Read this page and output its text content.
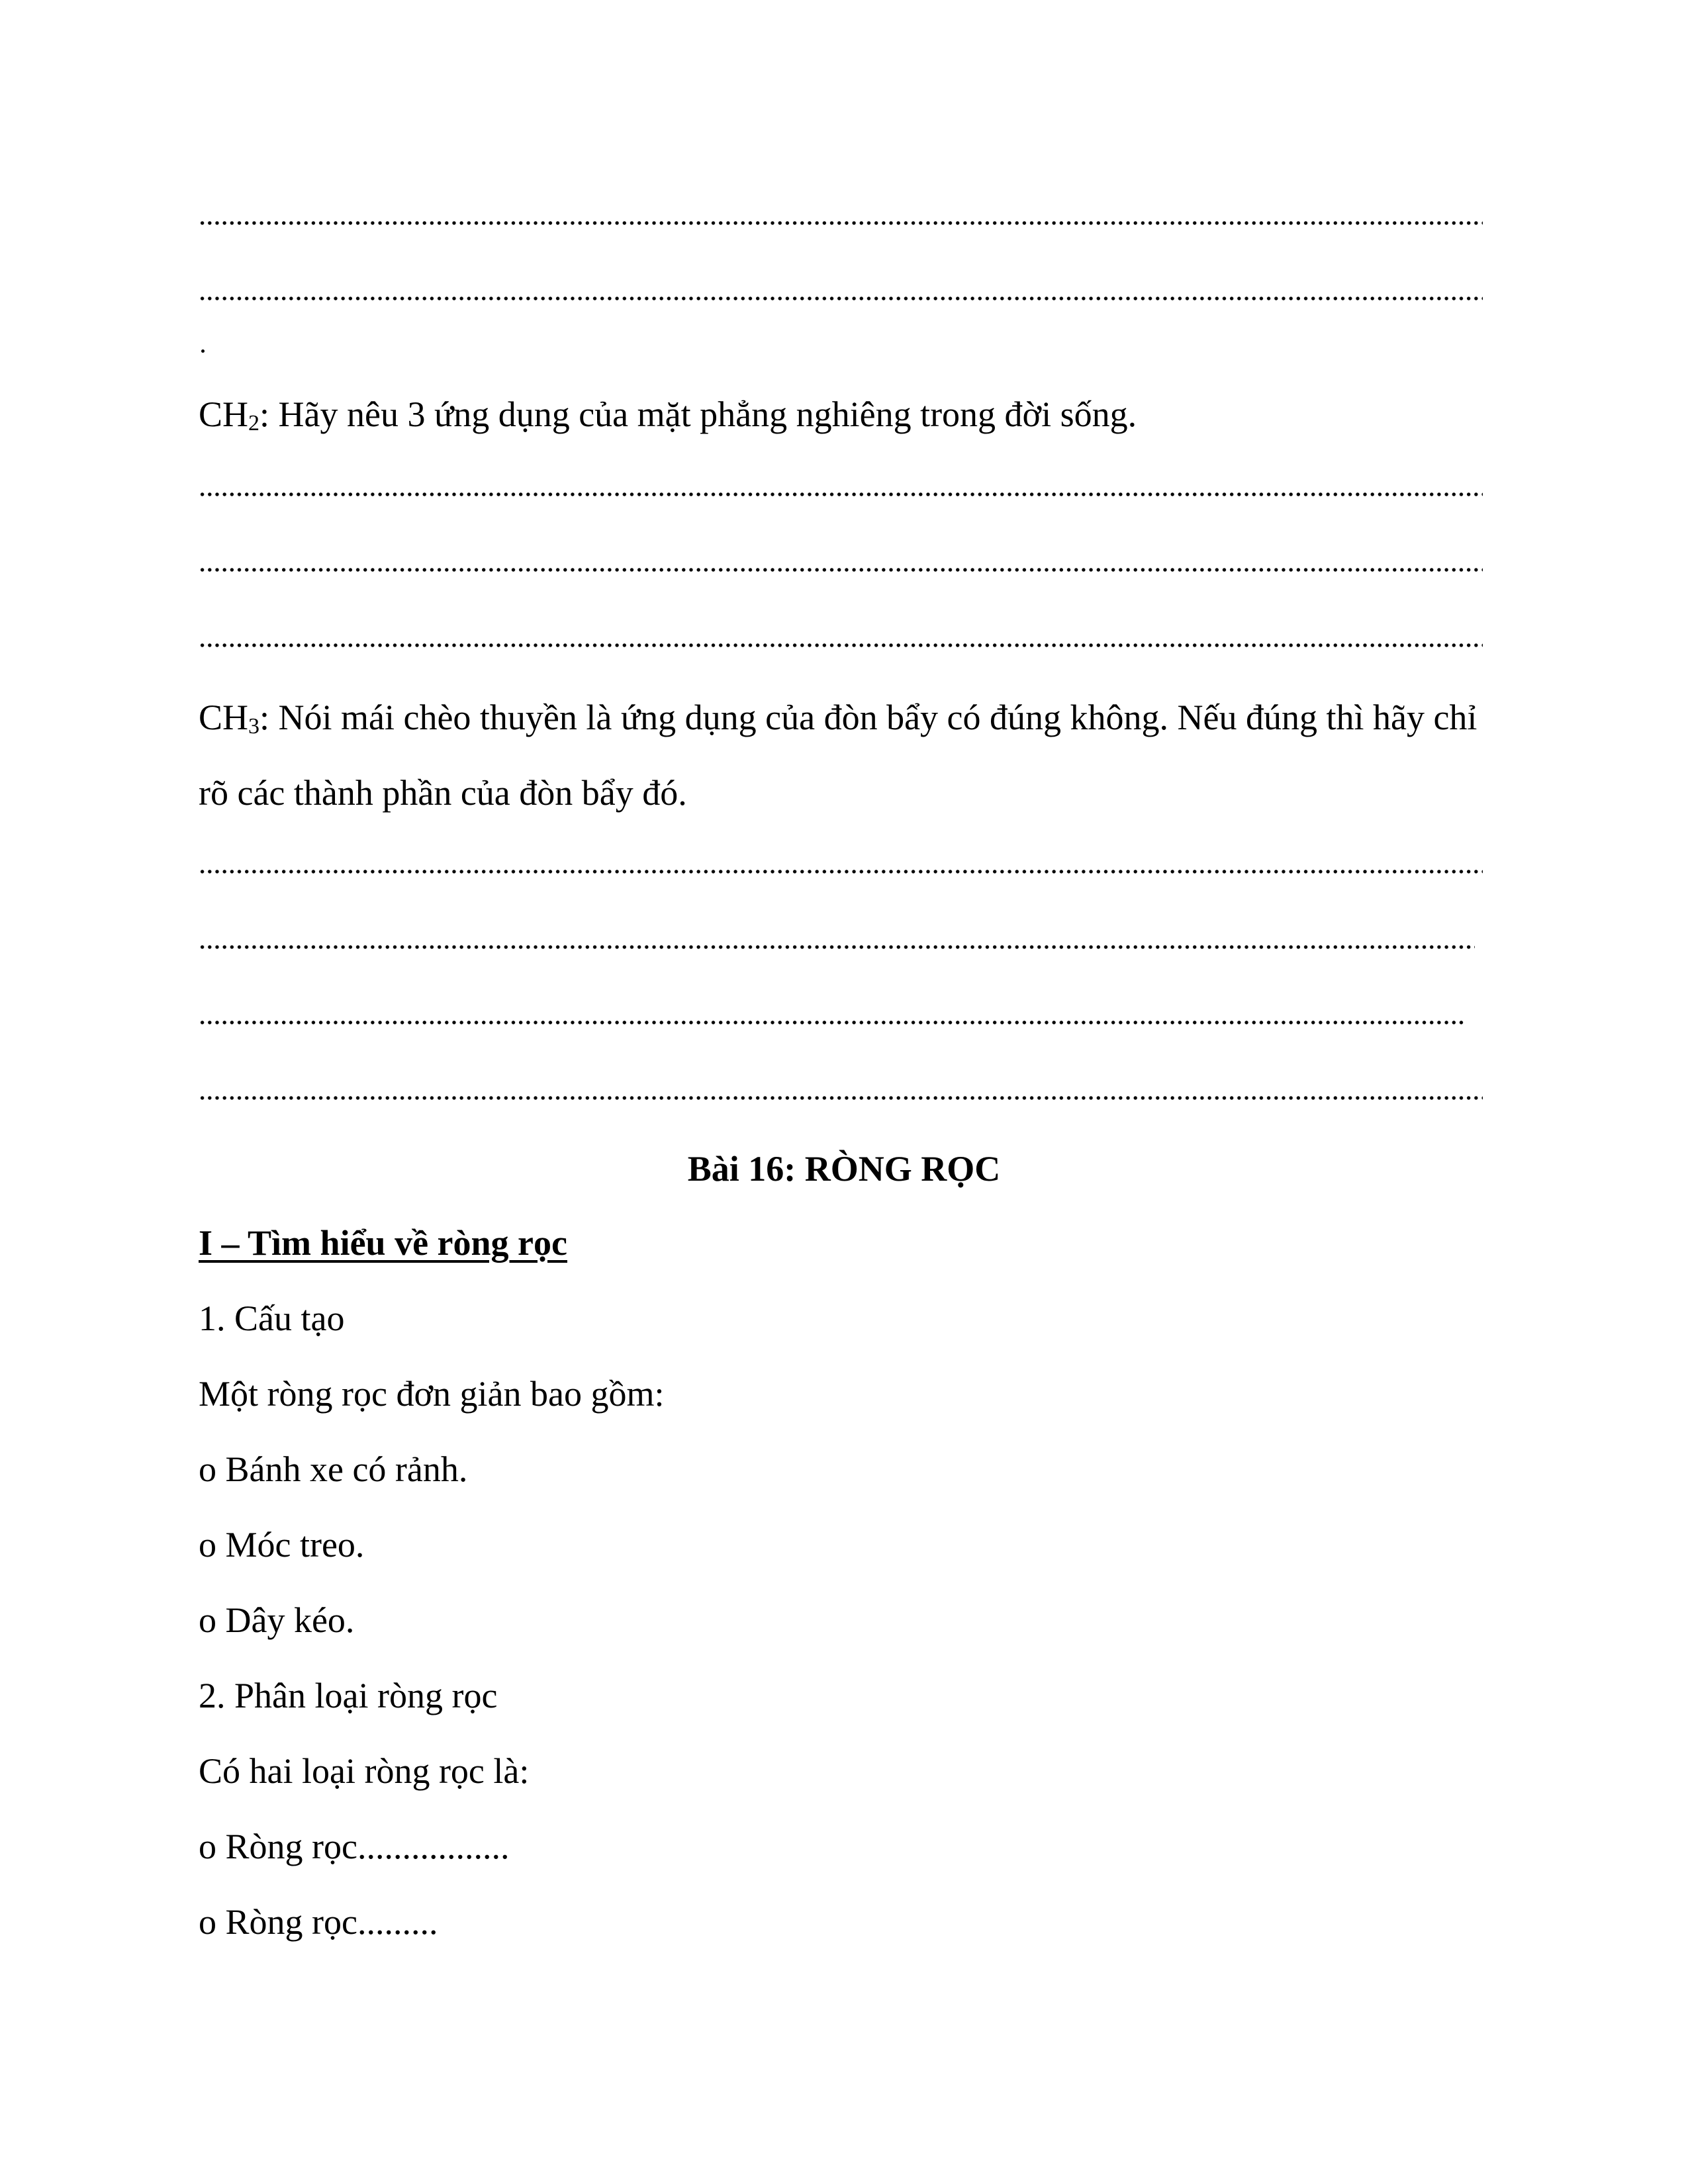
$CH_2$: Hãy nêu 3 ứng dụng của mặt phẳng nghiêng trong đời sống.
$CH_3$: Nói mái chèo thuyền là ứng dụng của đòn bẩy có đúng không. Nếu đúng thì hãy chỉ
rõ các thành phần của đòn bẩy đó.
Bài 16: RÒNG RỌC
I – Tìm hiểu về ròng rọc
1. Cấu tạo
Một ròng rọc đơn giản bao gồm:
o Bánh xe có rảnh.
o Móc treo.
o Dây kéo.
2. Phân loại ròng rọc
Có hai loại ròng rọc là:
o Ròng rọc.................
o Ròng rọc.........
